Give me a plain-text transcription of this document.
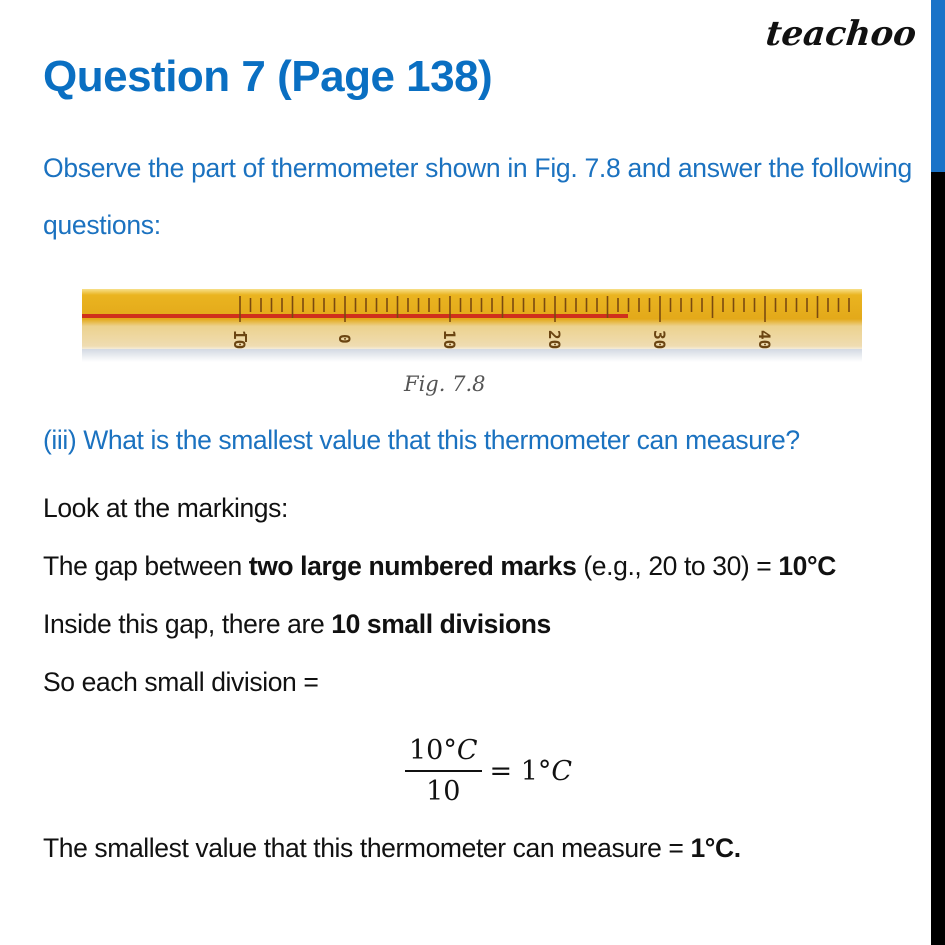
teachoo
Question 7 (Page 138)
Observe the part of thermometer shown in Fig. 7.8 and answer the following questions:
10	0	10	20	30	40
Fig. 7.8
(iii) What is the smallest value that this thermometer can measure?
Look at the markings:
The gap between two large numbered marks (e.g., 20 to 30) = 10°C
Inside this gap, there are 10 small divisions
So each small division =
$\frac{10^\circ C}{10} = 1^\circ$ C
The smallest value that this thermometer can measure = 1°C.
